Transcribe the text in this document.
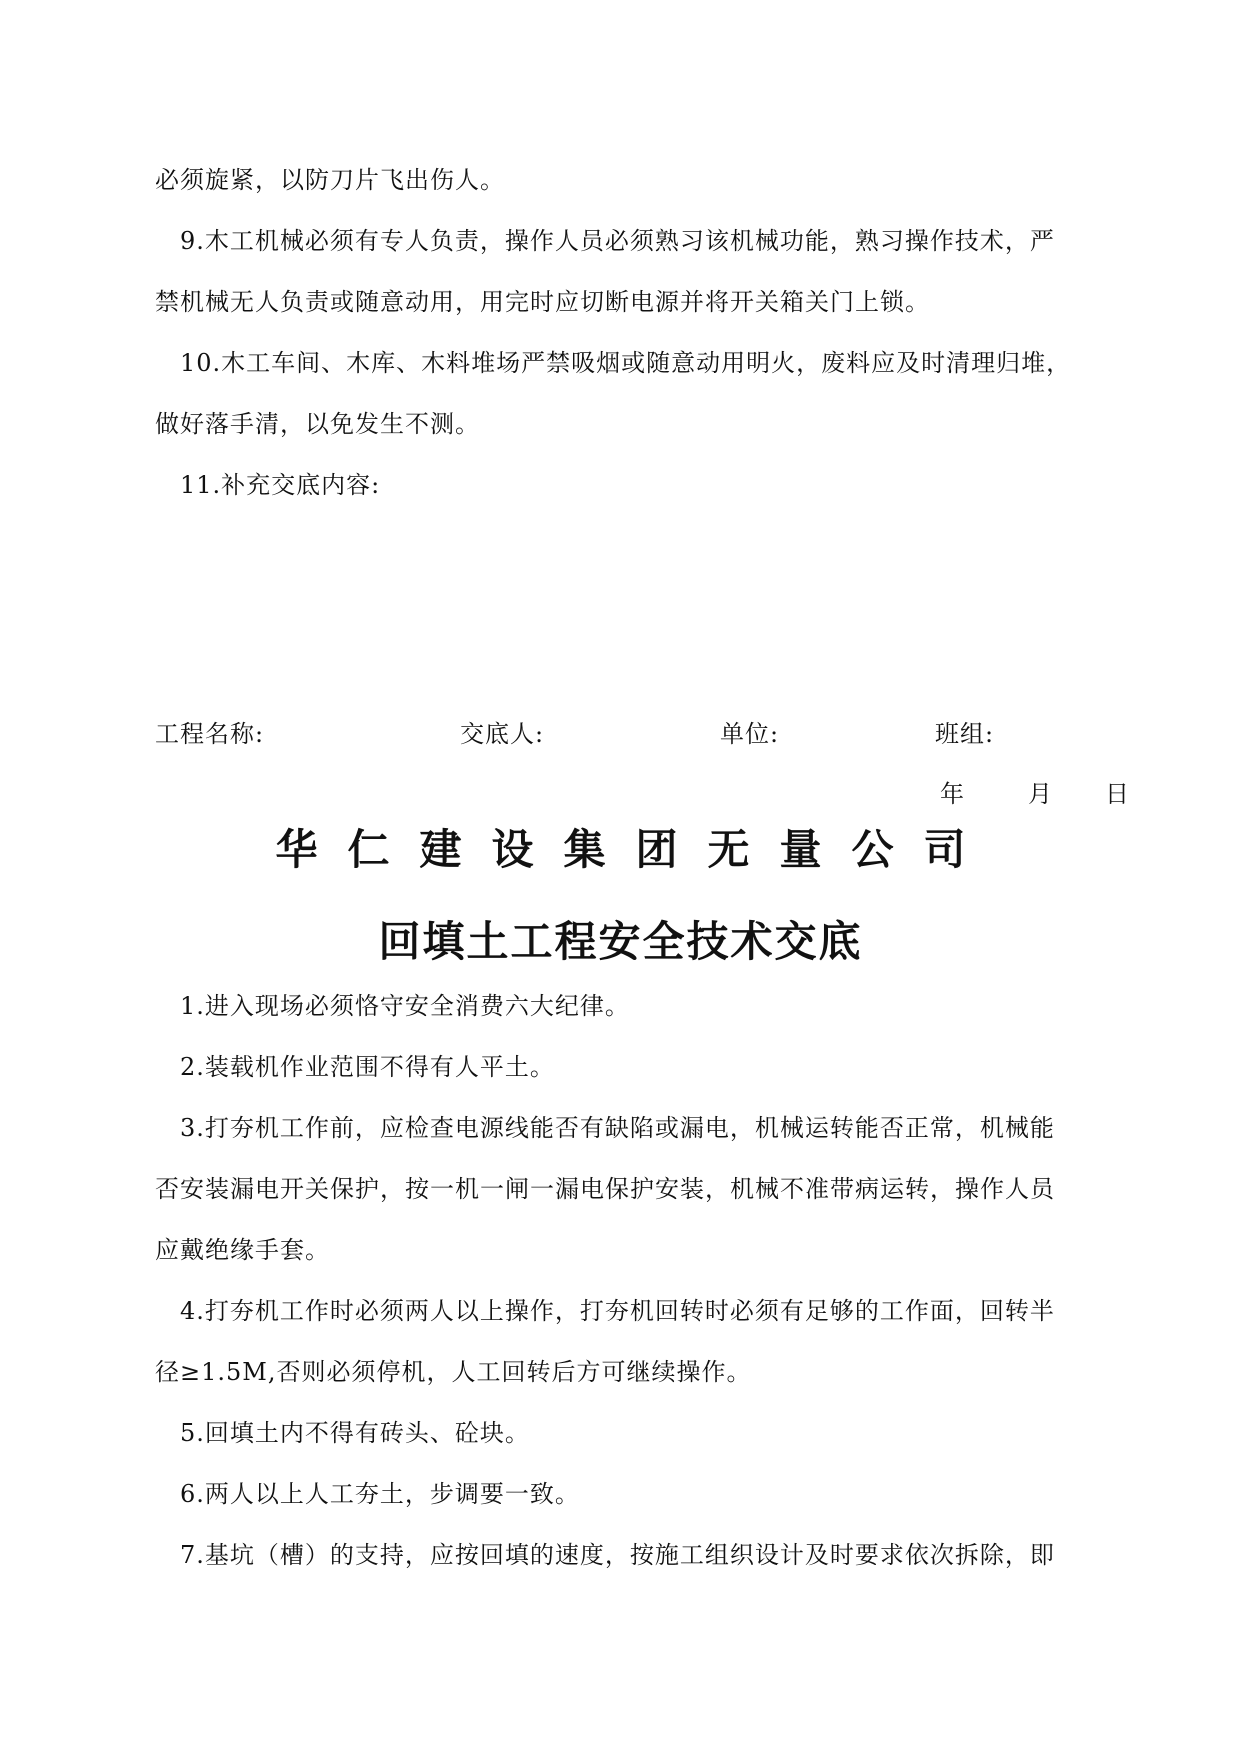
必须旋紧，以防刀片飞出伤人。
9.木工机械必须有专人负责，操作人员必须熟习该机械功能，熟习操作技术，严
禁机械无人负责或随意动用，用完时应切断电源并将开关箱关门上锁。
10.木工车间、木库、木料堆场严禁吸烟或随意动用明火，废料应及时清理归堆，
做好落手清，以免发生不测。
11.补充交底内容:
工程名称:	交底人:	单位:	班组:
年	月 日
华仁建设集团无量公司
回填土工程安全技术交底
1.进入现场必须恪守安全消费六大纪律。
2.装载机作业范围不得有人平土。
3.打夯机工作前，应检查电源线能否有缺陷或漏电，机械运转能否正常，机械能
否安装漏电开关保护，按一机一闸一漏电保护安装，机械不准带病运转，操作人员
应戴绝缘手套。
4.打夯机工作时必须两人以上操作，打夯机回转时必须有足够的工作面，回转半
径≥1.5M,否则必须停机，人工回转后方可继续操作。
5.回填土内不得有砖头、砼块。
6.两人以上人工夯土，步调要一致。
7.基坑（槽）的支持，应按回填的速度，按施工组织设计及时要求依次拆除，即
